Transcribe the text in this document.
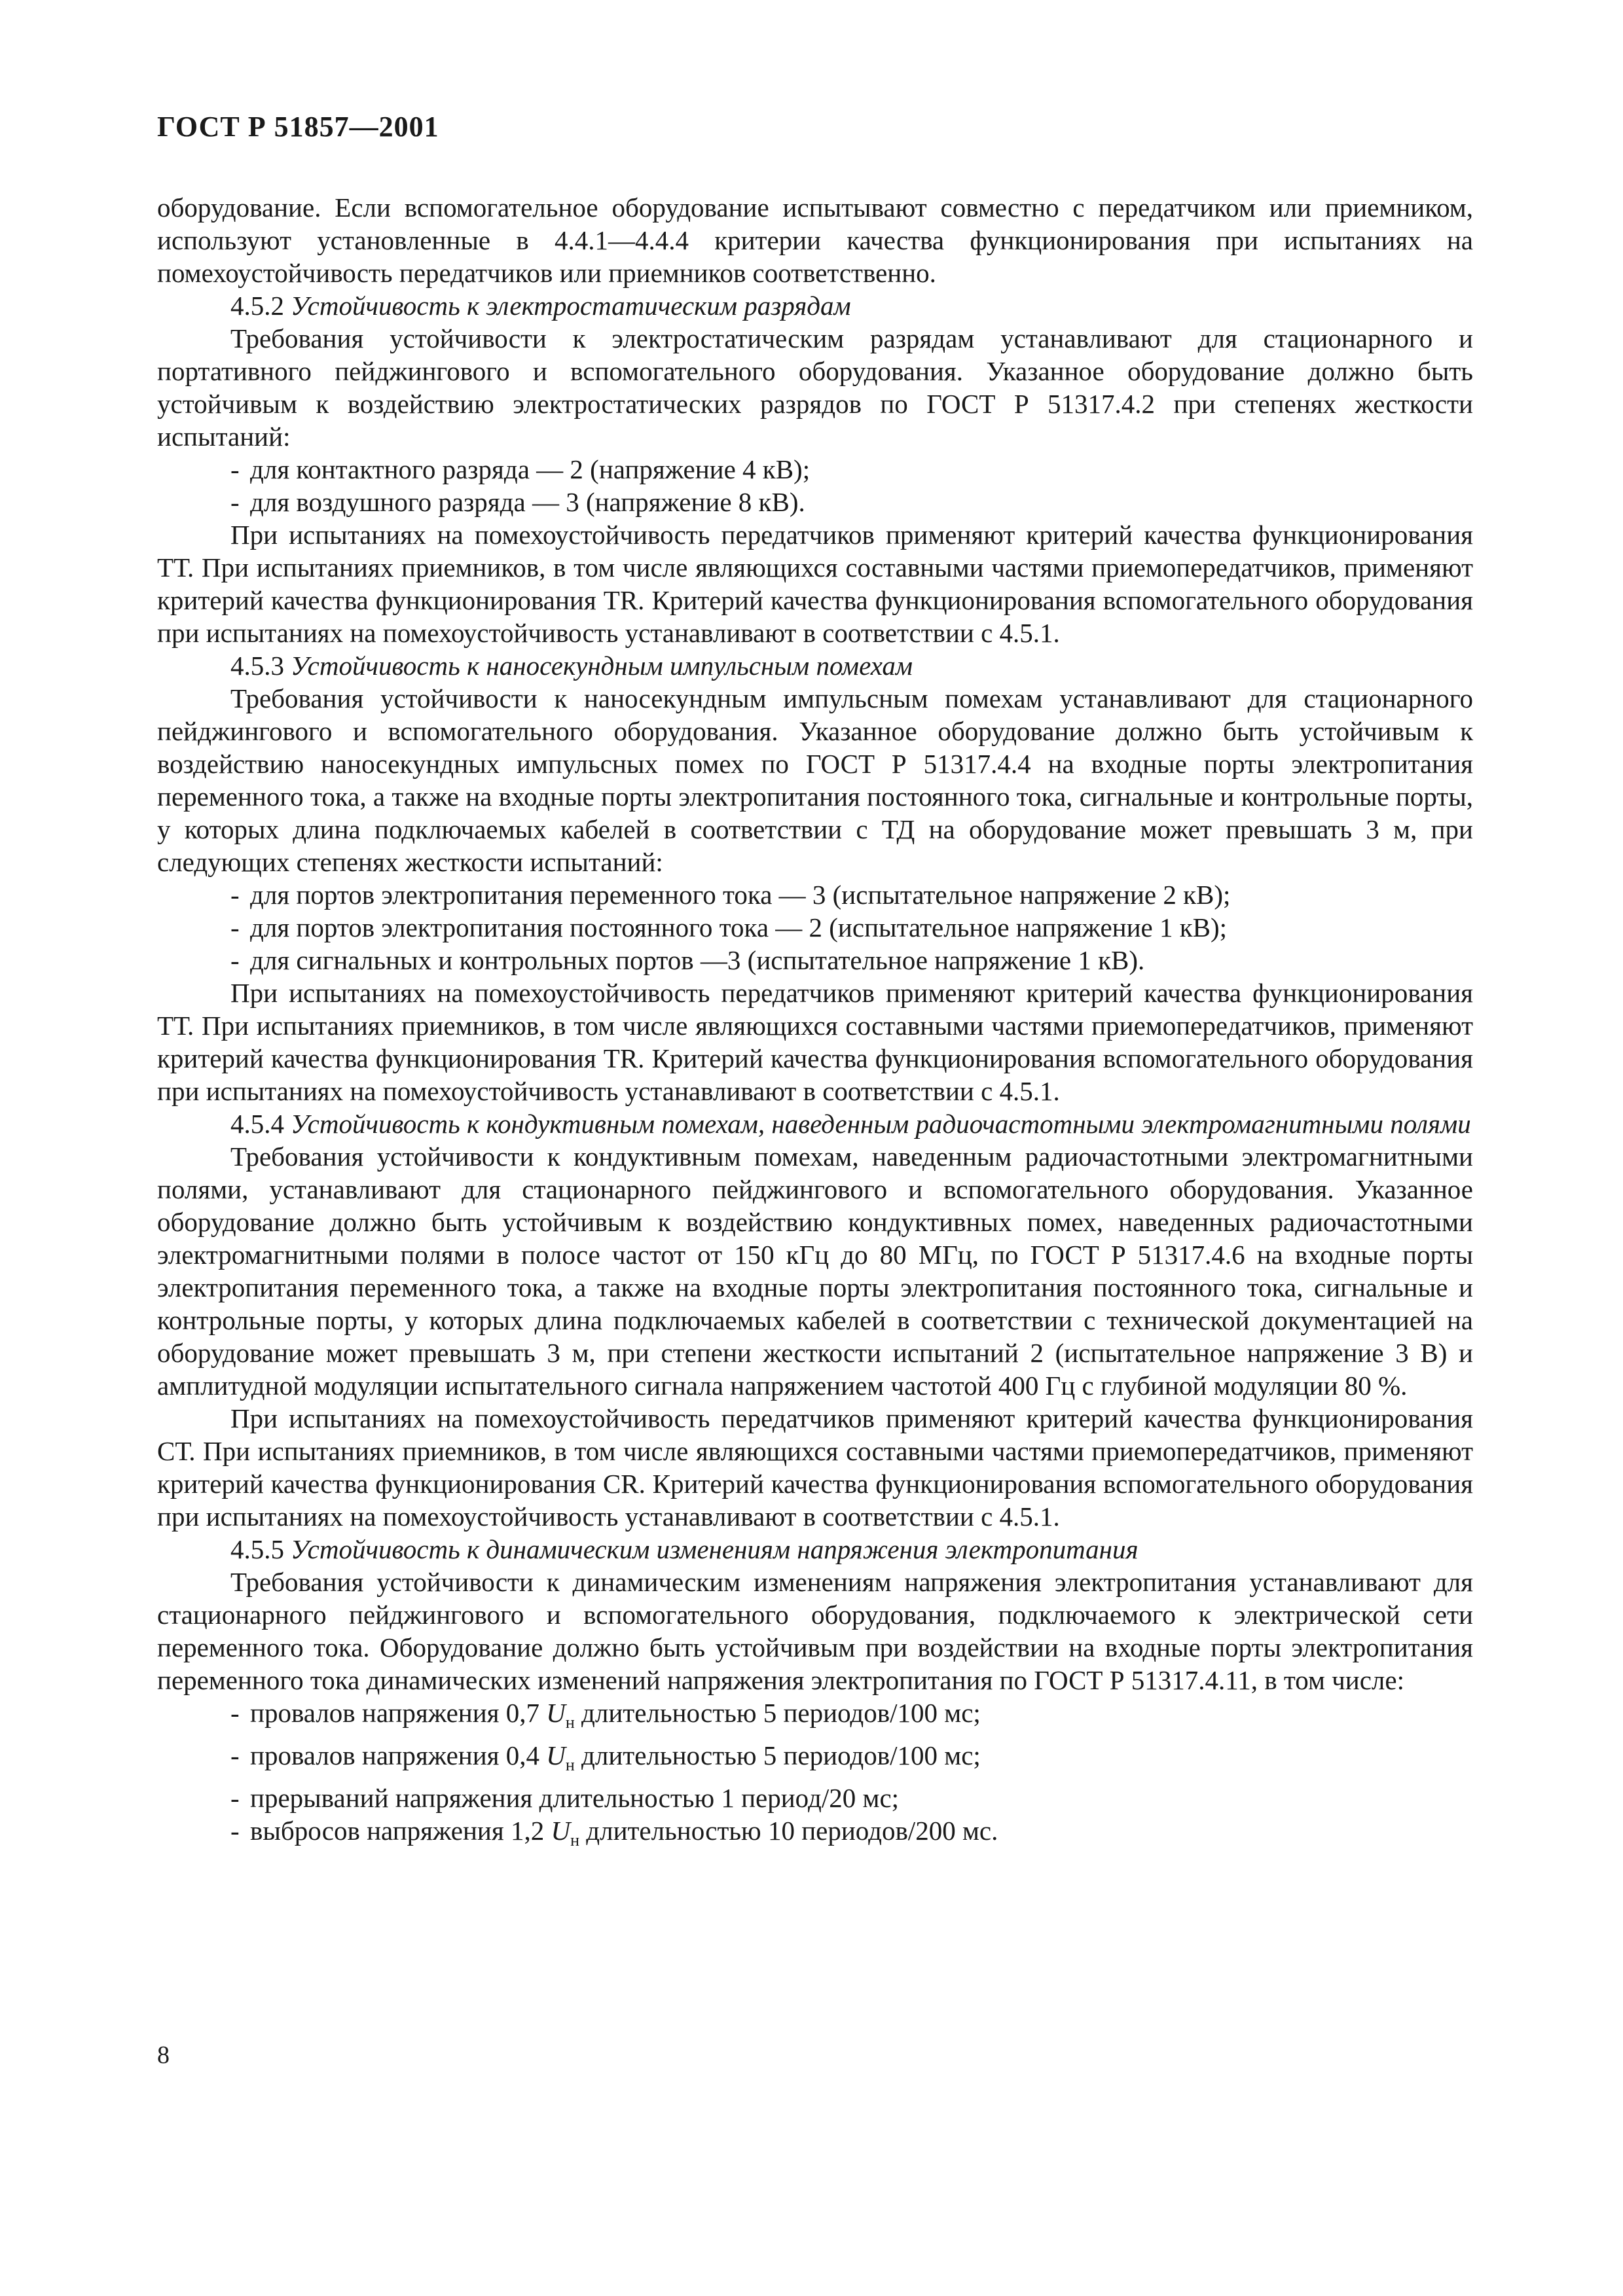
ГОСТ Р 51857—2001

оборудование. Если вспомогательное оборудование испытывают совместно с передатчиком или приемником, используют установленные в 4.4.1—4.4.4 критерии качества функционирования при испытаниях на помехоустойчивость передатчиков или приемников соответственно.

4.5.2 Устойчивость к электростатическим разрядам

Требования устойчивости к электростатическим разрядам устанавливают для стационарного и портативного пейджингового и вспомогательного оборудования. Указанное оборудование должно быть устойчивым к воздействию электростатических разрядов по ГОСТ Р 51317.4.2 при степенях жесткости испытаний:

- для контактного разряда — 2 (напряжение 4 кВ);
- для воздушного разряда — 3 (напряжение 8 кВ).

При испытаниях на помехоустойчивость передатчиков применяют критерий качества функционирования ТТ. При испытаниях приемников, в том числе являющихся составными частями приемопередатчиков, применяют критерий качества функционирования TR. Критерий качества функционирования вспомогательного оборудования при испытаниях на помехоустойчивость устанавливают в соответствии с 4.5.1.

4.5.3 Устойчивость к наносекундным импульсным помехам

Требования устойчивости к наносекундным импульсным помехам устанавливают для стационарного пейджингового и вспомогательного оборудования. Указанное оборудование должно быть устойчивым к воздействию наносекундных импульсных помех по ГОСТ Р 51317.4.4 на входные порты электропитания переменного тока, а также на входные порты электропитания постоянного тока, сигнальные и контрольные порты, у которых длина подключаемых кабелей в соответствии с ТД на оборудование может превышать 3 м, при следующих степенях жесткости испытаний:

- для портов электропитания переменного тока — 3 (испытательное напряжение 2 кВ);
- для портов электропитания постоянного тока — 2 (испытательное напряжение 1 кВ);
- для сигнальных и контрольных портов —3 (испытательное напряжение 1 кВ).

При испытаниях на помехоустойчивость передатчиков применяют критерий качества функционирования ТТ. При испытаниях приемников, в том числе являющихся составными частями приемопередатчиков, применяют критерий качества функционирования TR. Критерий качества функционирования вспомогательного оборудования при испытаниях на помехоустойчивость устанавливают в соответствии с 4.5.1.

4.5.4 Устойчивость к кондуктивным помехам, наведенным радиочастотными электромагнитными полями

Требования устойчивости к кондуктивным помехам, наведенным радиочастотными электромагнитными полями, устанавливают для стационарного пейджингового и вспомогательного оборудования. Указанное оборудование должно быть устойчивым к воздействию кондуктивных помех, наведенных радиочастотными электромагнитными полями в полосе частот от 150 кГц до 80 МГц, по ГОСТ Р 51317.4.6 на входные порты электропитания переменного тока, а также на входные порты электропитания постоянного тока, сигнальные и контрольные порты, у которых длина подключаемых кабелей в соответствии с технической документацией на оборудование может превышать 3 м, при степени жесткости испытаний 2 (испытательное напряжение 3 В) и амплитудной модуляции испытательного сигнала напряжением частотой 400 Гц с глубиной модуляции 80 %.

При испытаниях на помехоустойчивость передатчиков применяют критерий качества функционирования СТ. При испытаниях приемников, в том числе являющихся составными частями приемопередатчиков, применяют критерий качества функционирования CR. Критерий качества функционирования вспомогательного оборудования при испытаниях на помехоустойчивость устанавливают в соответствии с 4.5.1.

4.5.5 Устойчивость к динамическим изменениям напряжения электропитания

Требования устойчивости к динамическим изменениям напряжения электропитания устанавливают для стационарного пейджингового и вспомогательного оборудования, подключаемого к электрической сети переменного тока. Оборудование должно быть устойчивым при воздействии на входные порты электропитания переменного тока динамических изменений напряжения электропитания по ГОСТ Р 51317.4.11, в том числе:

- провалов напряжения 0,7 $U_н$ длительностью 5 периодов/100 мс;
- провалов напряжения 0,4 $U_н$ длительностью 5 периодов/100 мс;
- прерываний напряжения длительностью 1 период/20 мс;
- выбросов напряжения 1,2 $U_н$ длительностью 10 периодов/200 мс.
8
